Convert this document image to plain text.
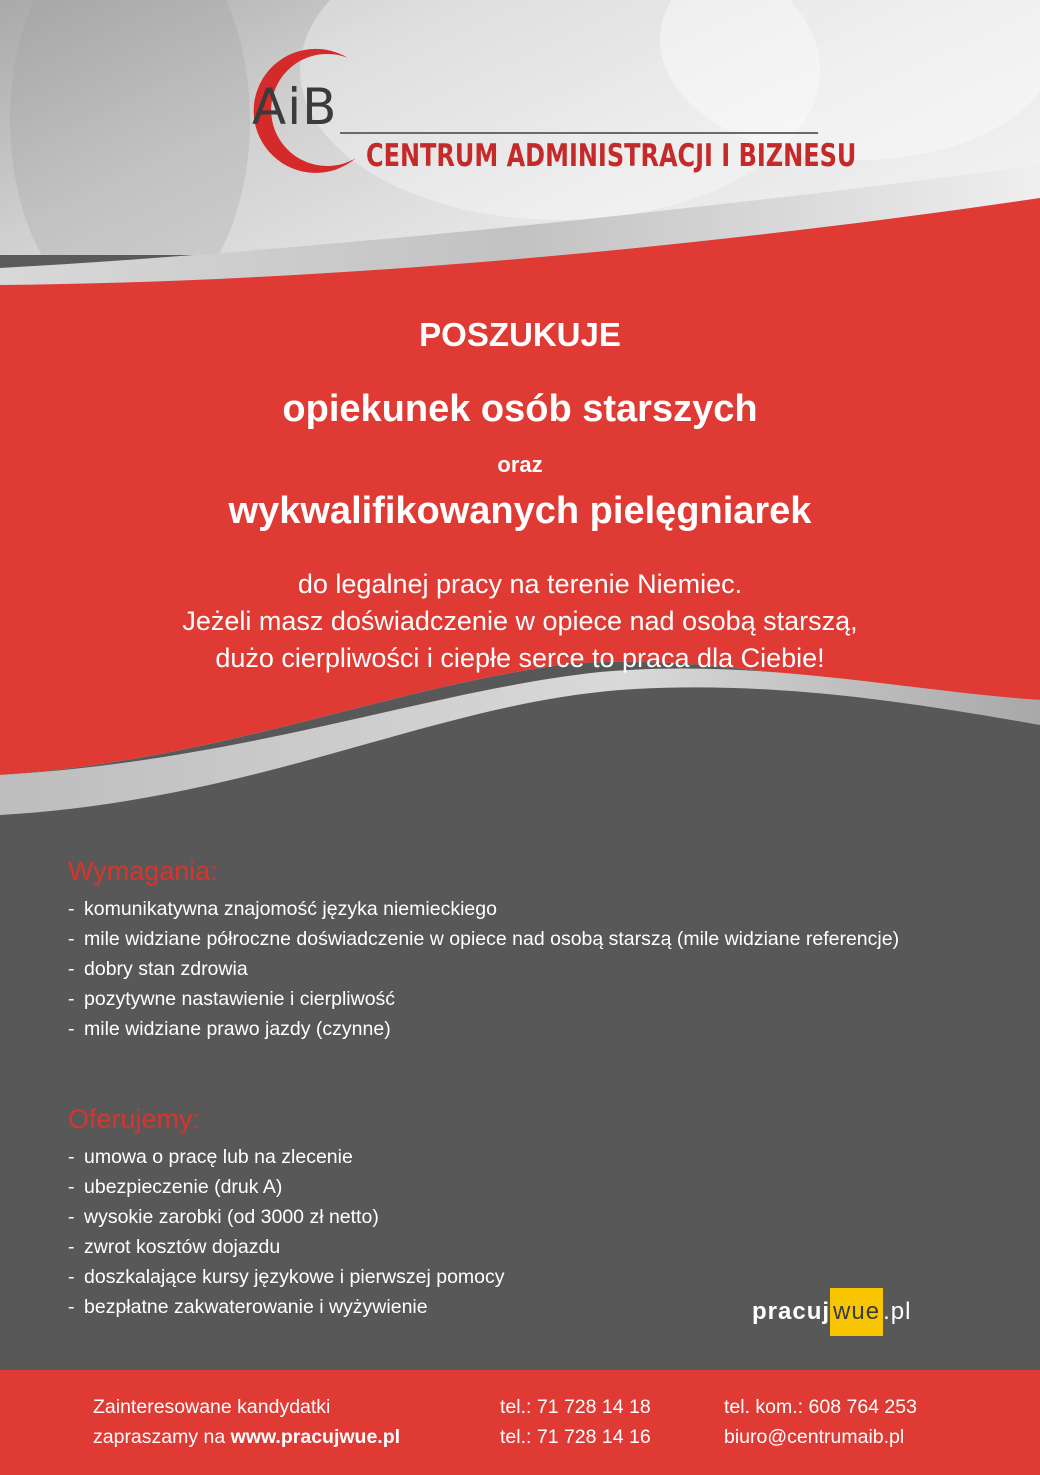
AiB
CENTRUM ADMINISTRACJI I BIZNESU
POSZUKUJE
opiekunek osób starszych
oraz
wykwalifikowanych pielęgniarek
do legalnej pracy na terenie Niemiec.
Jeżeli masz doświadczenie w opiece nad osobą starszą,
dużo cierpliwości i ciepłe serce to praca dla Ciebie!
Wymagania:
- komunikatywna znajomość języka niemieckiego
- mile widziane półroczne doświadczenie w opiece nad osobą starszą (mile widziane referencje)
- dobry stan zdrowia
- pozytywne nastawienie i cierpliwość
- mile widziane prawo jazdy (czynne)
Oferujemy:
- umowa o pracę lub na zlecenie
- ubezpieczenie (druk A)
- wysokie zarobki (od 3000 zł netto)
- zwrot kosztów dojazdu
- doszkalające kursy językowe i pierwszej pomocy
- bezpłatne zakwaterowanie i wyżywienie	pracuj wue .pl
Zainteresowane kandydatki
zapraszamy na www.pracujwue.pl
tel.: 71 728 14 18
tel.: 71 728 14 16
tel. kom.: 608 764 253
biuro@centrumaib.pl
